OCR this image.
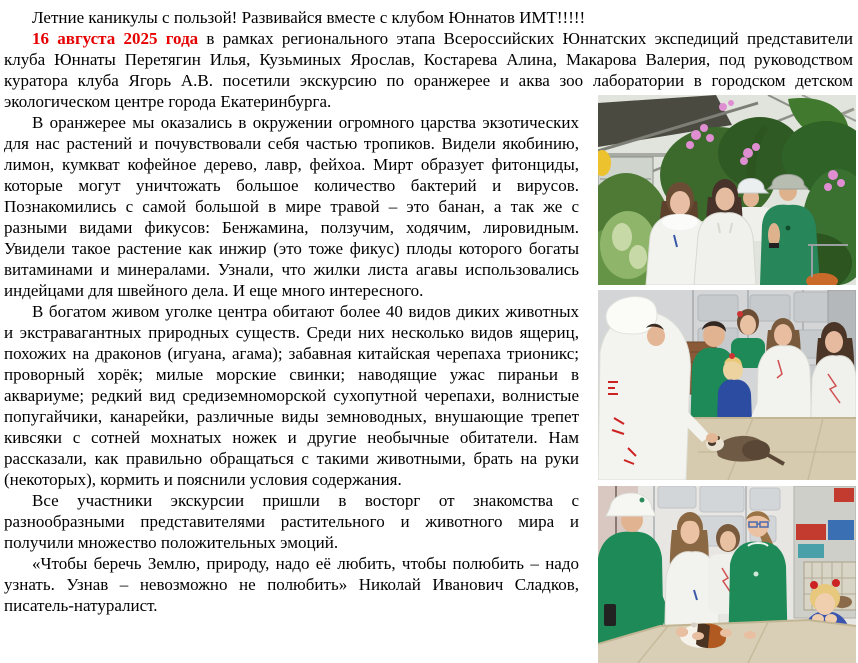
Летние каникулы с пользой! Развивайся вместе с клубом Юннатов ИМТ!!!!!

16 августа 2025 года в рамках регионального этапа Всероссийских Юннатских экспедиций представители клуба Юннаты Перетягин Илья, Кузьминых Ярослав, Костарева Алина, Макарова Валерия, под руководством куратора клуба Ягорь А.В. посетили экскурсию по оранжерее и аква зоо лаборатории в городском детском экологическом центре города Екатеринбурга.

В оранжерее мы оказались в окружении огромного царства экзотических для нас растений и почувствовали себя частью тропиков. Видели якобинию, лимон, кумкват кофейное дерево, лавр, фейхоа. Мирт образует фитонциды, которые могут уничтожать большое количество бактерий и вирусов. Познакомились с самой большой в мире травой – это банан, а так же с разными видами фикусов: Бенжамина, ползучим, ходячим, лировидным. Увидели такое растение как инжир (это тоже фикус) плоды которого богаты витаминами и минералами. Узнали, что жилки листа агавы использовались индейцами для швейного дела. И еще много интересного.

В богатом живом уголке центра обитают более 40 видов диких животных и экстравагантных природных существ. Среди них несколько видов ящериц, похожих на драконов (игуана, агама); забавная китайская черепаха трионикс; проворный хорёк; милые морские свинки; наводящие ужас пираньи в аквариуме; редкий вид средиземноморской сухопутной черепахи, волнистые попугайчики, канарейки, различные виды земноводных, внушающие трепет кивсяки с сотней мохнатых ножек и другие необычные обитатели. Нам рассказали, как правильно обращаться с такими животными, брать на руки (некоторых), кормить и пояснили условия содержания.

Все участники экскурсии пришли в восторг от знакомства с разнообразными представителями растительного и животного мира и получили множество положительных эмоций.

«Чтобы беречь Землю, природу, надо её любить, чтобы полюбить – надо узнать. Узнав – невозможно не полюбить» Николай Иванович Сладков, писатель-натуралист.
